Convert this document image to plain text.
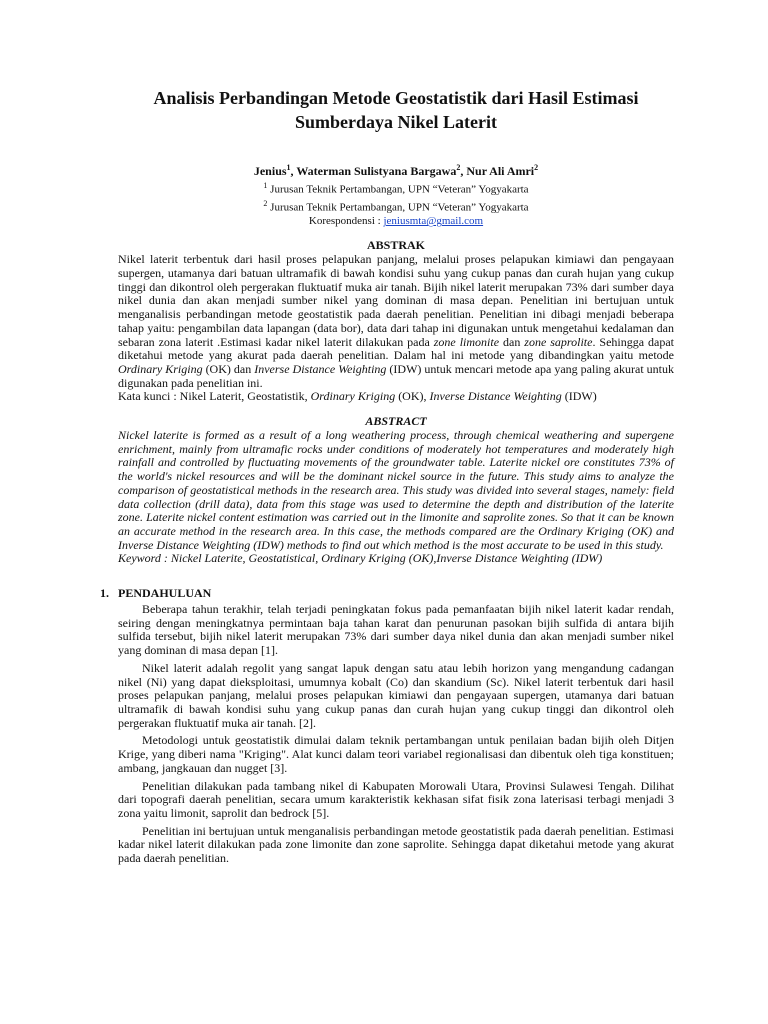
Analisis Perbandingan Metode Geostatistik dari Hasil Estimasi Sumberdaya Nikel Laterit
Jenius$^1$, Waterman Sulistyana Bargawa$^2$, Nur Ali Amri$^2$
$^1$ Jurusan Teknik Pertambangan, UPN “Veteran” Yogyakarta
$^2$ Jurusan Teknik Pertambangan, UPN “Veteran” Yogyakarta
Korespondensi : jeniusmta@gmail.com
ABSTRAK

Nikel laterit terbentuk dari hasil proses pelapukan panjang, melalui proses pelapukan kimiawi dan pengayaan supergen, utamanya dari batuan ultramafik di bawah kondisi suhu yang cukup panas dan curah hujan yang cukup tinggi dan dikontrol oleh pergerakan fluktuatif muka air tanah. Bijih nikel laterit merupakan 73% dari sumber daya nikel dunia dan akan menjadi sumber nikel yang dominan di masa depan. Penelitian ini bertujuan untuk menganalisis perbandingan metode geostatistik pada daerah penelitian. Penelitian ini dibagi menjadi beberapa tahap yaitu: pengambilan data lapangan (data bor), data dari tahap ini digunakan untuk mengetahui kedalaman dan sebaran zona laterit .Estimasi kadar nikel laterit dilakukan pada zone limonite dan zone saprolite. Sehingga dapat diketahui metode yang akurat pada daerah penelitian. Dalam hal ini metode yang dibandingkan yaitu metode Ordinary Kriging (OK) dan Inverse Distance Weighting (IDW) untuk mencari metode apa yang paling akurat untuk digunakan pada penelitian ini.

Kata kunci : Nikel Laterit, Geostatistik, Ordinary Kriging (OK), Inverse Distance Weighting (IDW)

ABSTRACT

Nickel laterite is formed as a result of a long weathering process, through chemical weathering and supergene enrichment, mainly from ultramafic rocks under conditions of moderately hot temperatures and moderately high rainfall and controlled by fluctuating movements of the groundwater table. Laterite nickel ore constitutes 73% of the world's nickel resources and will be the dominant nickel source in the future. This study aims to analyze the comparison of geostatistical methods in the research area. This study was divided into several stages, namely: field data collection (drill data), data from this stage was used to determine the depth and distribution of the laterite zone. Laterite nickel content estimation was carried out in the limonite and saprolite zones. So that it can be known an accurate method in the research area. In this case, the methods compared are the Ordinary Kriging (OK) and Inverse Distance Weighting (IDW) methods to find out which method is the most accurate to be used in this study.

Keyword : Nickel Laterite, Geostatistical, Ordinary Kriging (OK),Inverse Distance Weighting (IDW)

1. PENDAHULUAN

Beberapa tahun terakhir, telah terjadi peningkatan fokus pada pemanfaatan bijih nikel laterit kadar rendah, seiring dengan meningkatnya permintaan baja tahan karat dan penurunan pasokan bijih sulfida di antara bijih sulfida tersebut, bijih nikel laterit merupakan 73% dari sumber daya nikel dunia dan akan menjadi sumber nikel yang dominan di masa depan [1].

Nikel laterit adalah regolit yang sangat lapuk dengan satu atau lebih horizon yang mengandung cadangan nikel (Ni) yang dapat dieksploitasi, umumnya kobalt (Co) dan skandium (Sc). Nikel laterit terbentuk dari hasil proses pelapukan panjang, melalui proses pelapukan kimiawi dan pengayaan supergen, utamanya dari batuan ultramafik di bawah kondisi suhu yang cukup panas dan curah hujan yang cukup tinggi dan dikontrol oleh pergerakan fluktuatif muka air tanah. [2].

Metodologi untuk geostatistik dimulai dalam teknik pertambangan untuk penilaian badan bijih oleh Ditjen Krige, yang diberi nama "Kriging". Alat kunci dalam teori variabel regionalisasi dan dibentuk oleh tiga konstituen; ambang, jangkauan dan nugget [3].

Penelitian dilakukan pada tambang nikel di Kabupaten Morowali Utara, Provinsi Sulawesi Tengah. Dilihat dari topografi daerah penelitian, secara umum karakteristik kekhasan sifat fisik zona laterisasi terbagi menjadi 3 zona yaitu limonit, saprolit dan bedrock [5].

Penelitian ini bertujuan untuk menganalisis perbandingan metode geostatistik pada daerah penelitian. Estimasi kadar nikel laterit dilakukan pada zone limonite dan zone saprolite. Sehingga dapat diketahui metode yang akurat pada daerah penelitian.
